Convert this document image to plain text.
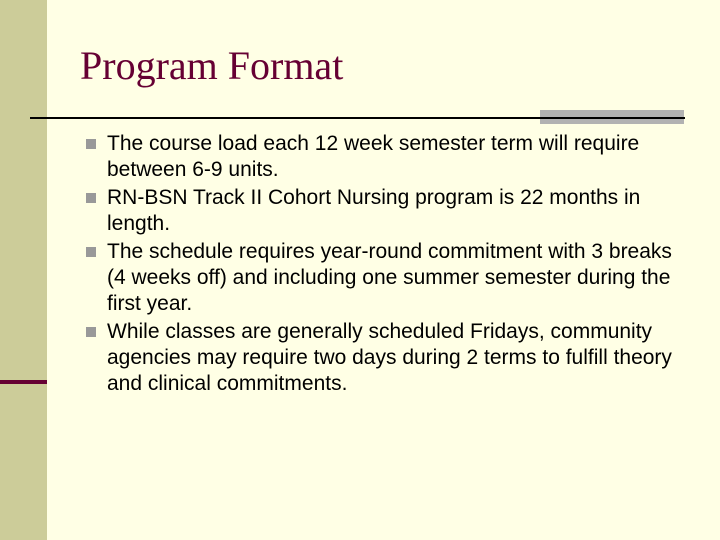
Program Format
The course load each 12 week semester term will require between 6-9 units.
RN-BSN Track II Cohort Nursing program is 22 months in length.
The schedule requires year-round commitment with 3 breaks (4 weeks off) and including one summer semester during the first year.
While classes are generally scheduled Fridays, community agencies may require two days during 2 terms to fulfill theory and clinical commitments.
